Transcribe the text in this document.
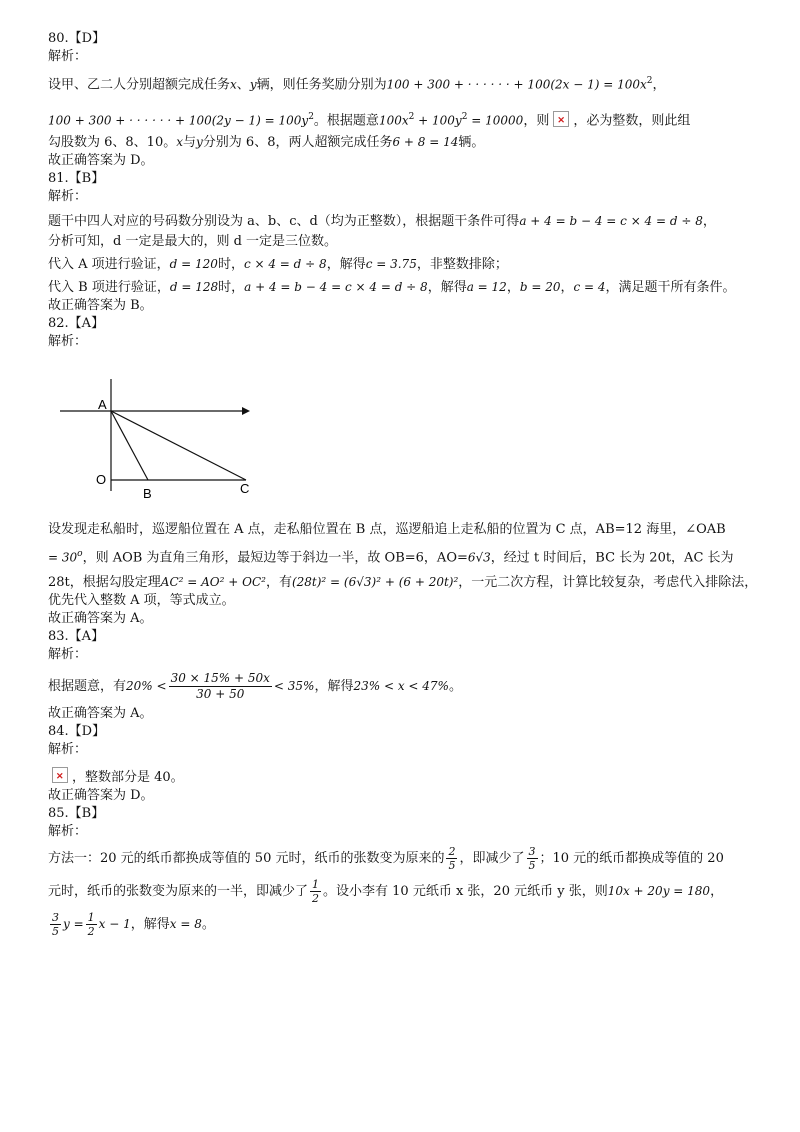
80.【D】

解析：

设甲、乙二人分别超额完成任务x、y辆，则任务奖励分别为100 + 300 + · · · · · · + $100(2x - 1) = 100x^2$，

100 + 300 + · · · · · · + $100(2y - 1) = 100y^2$。根据题意$100x^2 + 100y^2 = 10000$，则✕ ，必为整数，则此组

勾股数为 6、8、10。x与y分别为 6、8，两人超额完成任务6 + 8 = 14辆。

故正确答案为 D。

81.【B】

解析：

题干中四人对应的号码数分别设为 a、b、c、d（均为正整数），根据题干条件可得a + 4 = b − 4 = c × 4 = d ÷ 8，

分析可知，d 一定是最大的，则 d 一定是三位数。

代入 A 项进行验证，d = 120时，c × 4 = d ÷ 8，解得c = 3.75，非整数排除；

代入 B 项进行验证，d = 128时，a + 4 = b − 4 = c × 4 = d ÷ 8，解得a = 12，b = 20，c = 4，满足题干所有条件。

故正确答案为 B。

82.【A】

解析：

A
O
B	C

设发现走私船时，巡逻船位置在 A 点，走私船位置在 B 点，巡逻船追上走私船的位置为 C 点，AB=12 海里，∠OAB

= $30^o$，则 AOB 为直角三角形，最短边等于斜边一半，故 OB=6，AO=6√3，经过 t 时间后，BC 长为 20t，AC 长为

28t，根据勾股定理AC² = AO² + OC²，有(28t)² = (6√3)² + (6 + 20t)²，一元二次方程，计算比较复杂，考虑代入排除法，优先代入整数 A 项，等式成立。

故正确答案为 A。

83.【A】

解析：

根据题意，有$20\% < \frac{30 \times 15\% + 50x}{30 + 50} < 35\%$，解得23% < x < 47%。

故正确答案为 A。

84.【D】

解析：

✕，整数部分是 40。

故正确答案为 D。

85.【B】

解析：

方法一：20 元的纸币都换成等值的 50 元时，纸币的张数变为原来的 $\frac{2}{5}$ ，即减少了 $\frac{3}{5}$ ；10 元的纸币都换成等值的 20

元时，纸币的张数变为原来的一半，即减少了 $\frac{1}{2}$ 。设小李有 10 元纸币 x 张，20 元纸币 y 张，则10x + 20y = 180，

$\frac{3}{5}$ $y = \frac{1}{2}$ x − 1，解得x = 8。
